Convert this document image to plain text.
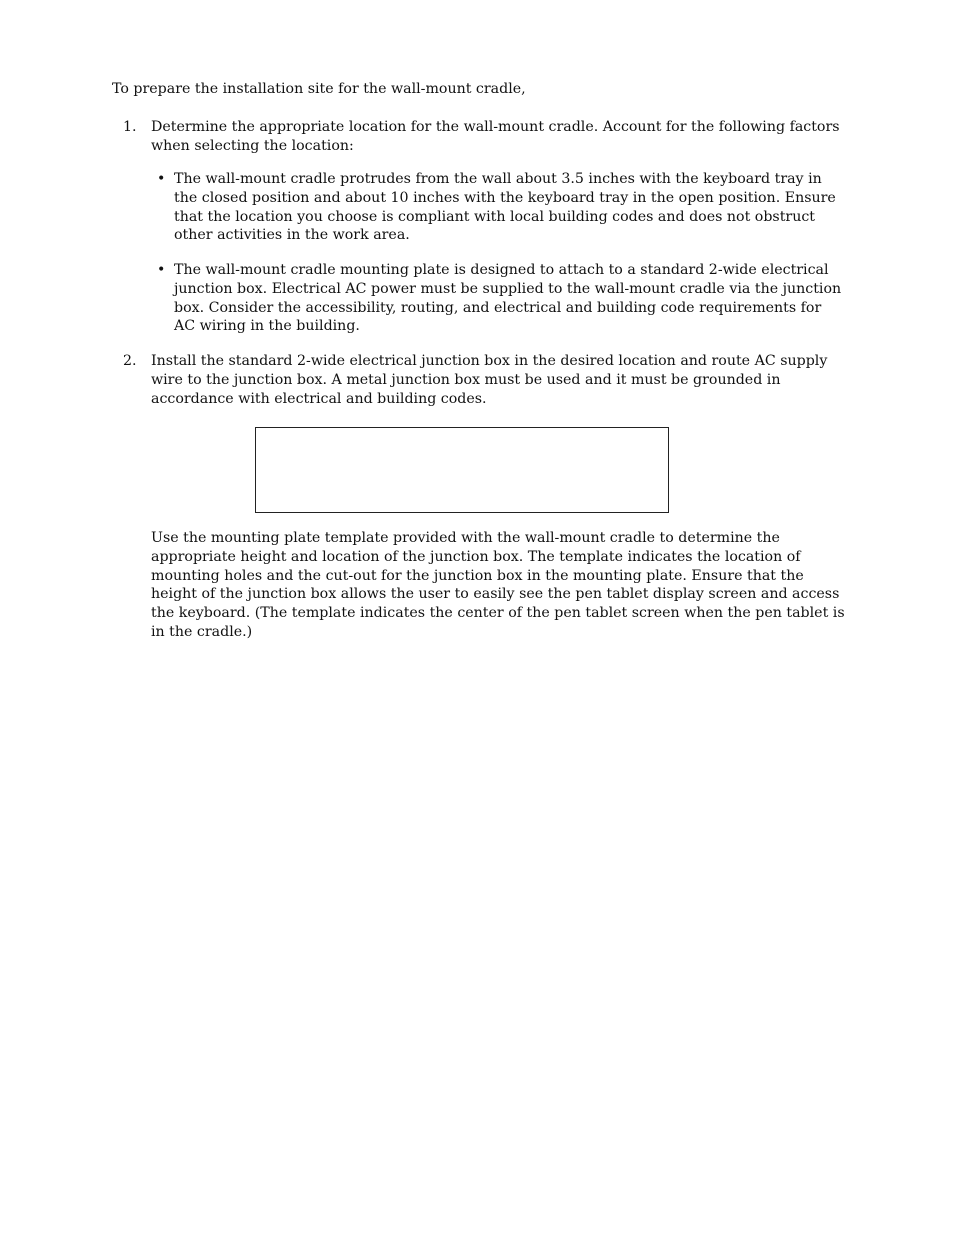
To prepare the installation site for the wall-mount cradle,

1.	Determine the appropriate location for the wall-mount cradle. Account for the following factors when selecting the location:

• The wall-mount cradle protrudes from the wall about 3.5 inches with the keyboard tray in the closed position and about 10 inches with the keyboard tray in the open position. Ensure that the location you choose is compliant with local building codes and does not obstruct other activities in the work area.

• The wall-mount cradle mounting plate is designed to attach to a standard 2-wide electrical junction box. Electrical AC power must be supplied to the wall-mount cradle via the junction box. Consider the accessibility, routing, and electrical and building code requirements for AC wiring in the building.

2.	Install the standard 2-wide electrical junction box in the desired location and route AC supply wire to the junction box. A metal junction box must be used and it must be grounded in accordance with electrical and building codes.

Use the mounting plate template provided with the wall-mount cradle to determine the appropriate height and location of the junction box. The template indicates the location of mounting holes and the cut-out for the junction box in the mounting plate. Ensure that the height of the junction box allows the user to easily see the pen tablet display screen and access the keyboard. (The template indicates the center of the pen tablet screen when the pen tablet is in the cradle.)
